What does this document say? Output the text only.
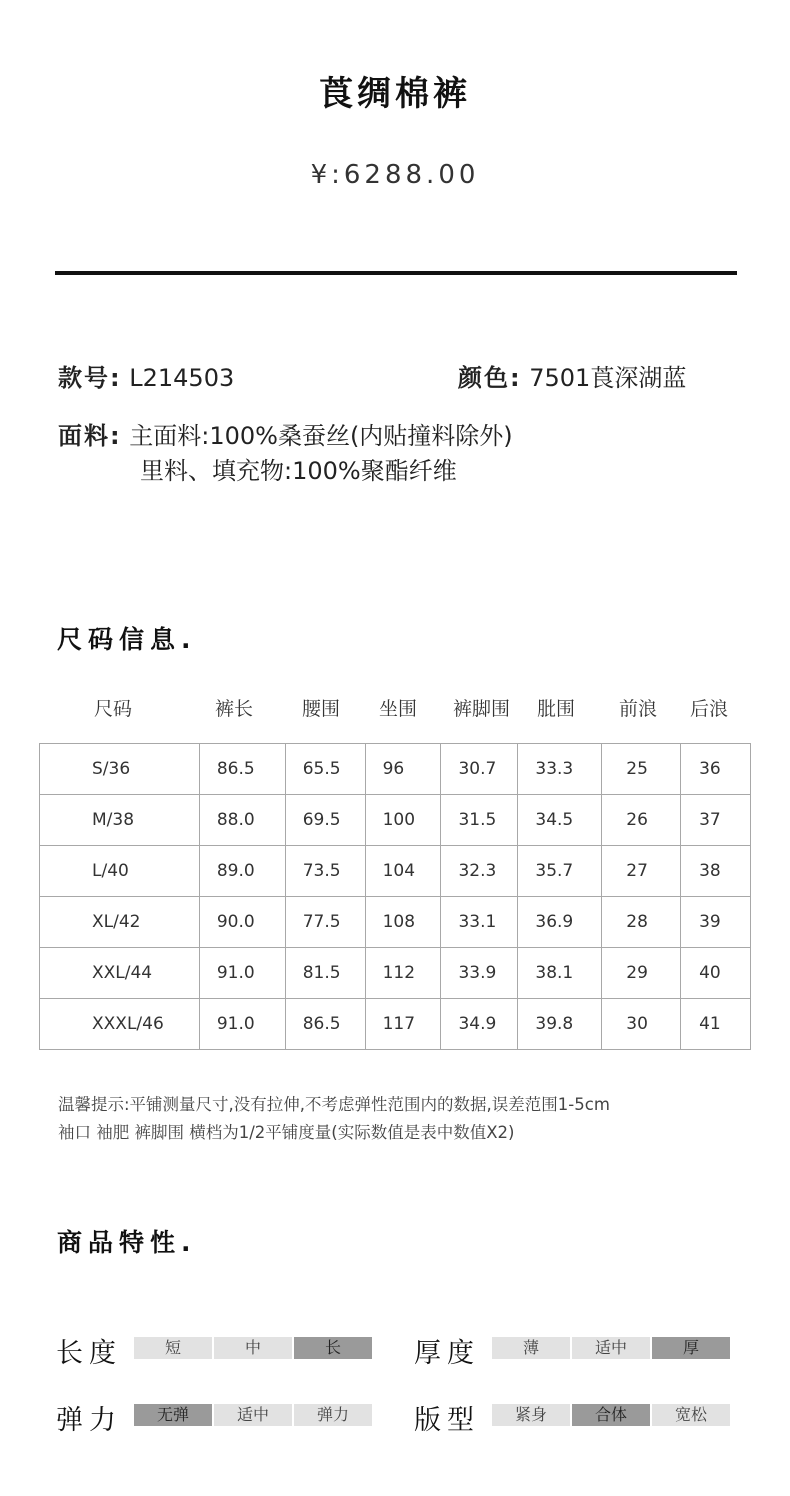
莨绸棉裤
¥:6288.00
款号: L214503	颜色: 7501莨深湖蓝
面料: 主面料:100%桑蚕丝(内贴撞料除外)
里料、填充物:100%聚酯纤维
尺码信息.
尺码	裤长	腰围 坐围 裤脚围 肶围 前浪 后浪
S/36	86.5	65.5	96	30.7	33.3	25	36
M/38	88.0	69.5	100	31.5	34.5	26	37
L/40	89.0	73.5	104	32.3	35.7	27	38
XL/42	90.0	77.5	108	33.1	36.9	28	39
XXL/44	91.0	81.5	112	33.9	38.1	29	40
XXXL/46	91.0	86.5	117	34.9	39.8	30	41
温馨提示:平铺测量尺寸,没有拉伸,不考虑弹性范围内的数据,误差范围1-5cm
袖口 袖肥 裤脚围 横档为1/2平铺度量(实际数值是表中数值X2)
商品特性.
长度	短	中	长	厚度	薄	适中	厚
弹力	无弹	适中	弹力	版型	紧身	合体	宽松
